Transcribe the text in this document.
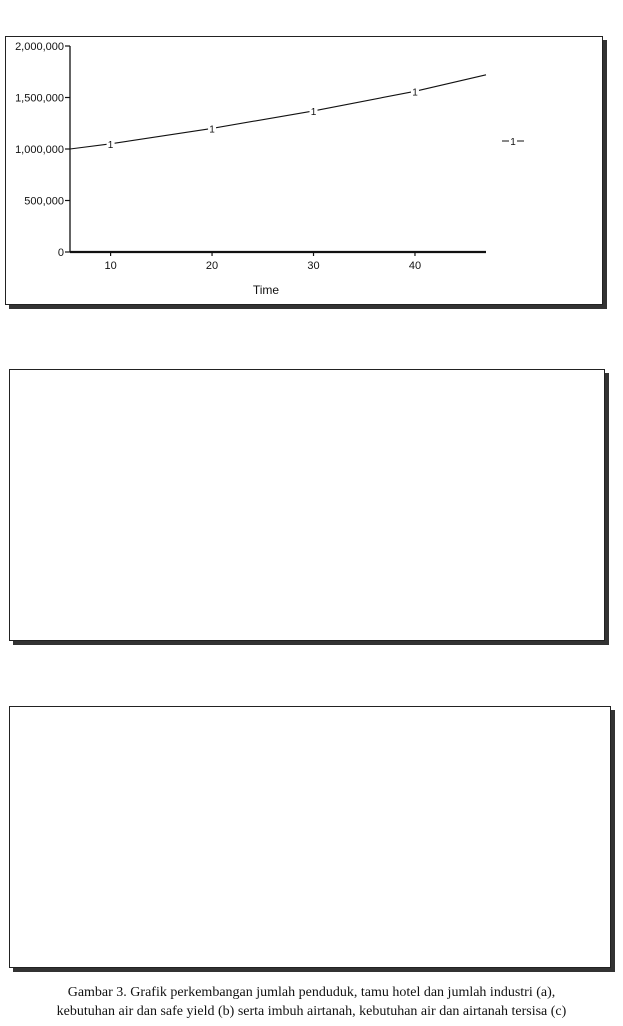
0
500,000
1,000,000
1,500,000
2,000,000
10	20	30	40
Time
1
1
1
1
1
Gambar 3. Grafik perkembangan jumlah penduduk, tamu hotel dan jumlah industri (a),
kebutuhan air dan safe yield (b) serta imbuh airtanah, kebutuhan air dan airtanah tersisa (c)
